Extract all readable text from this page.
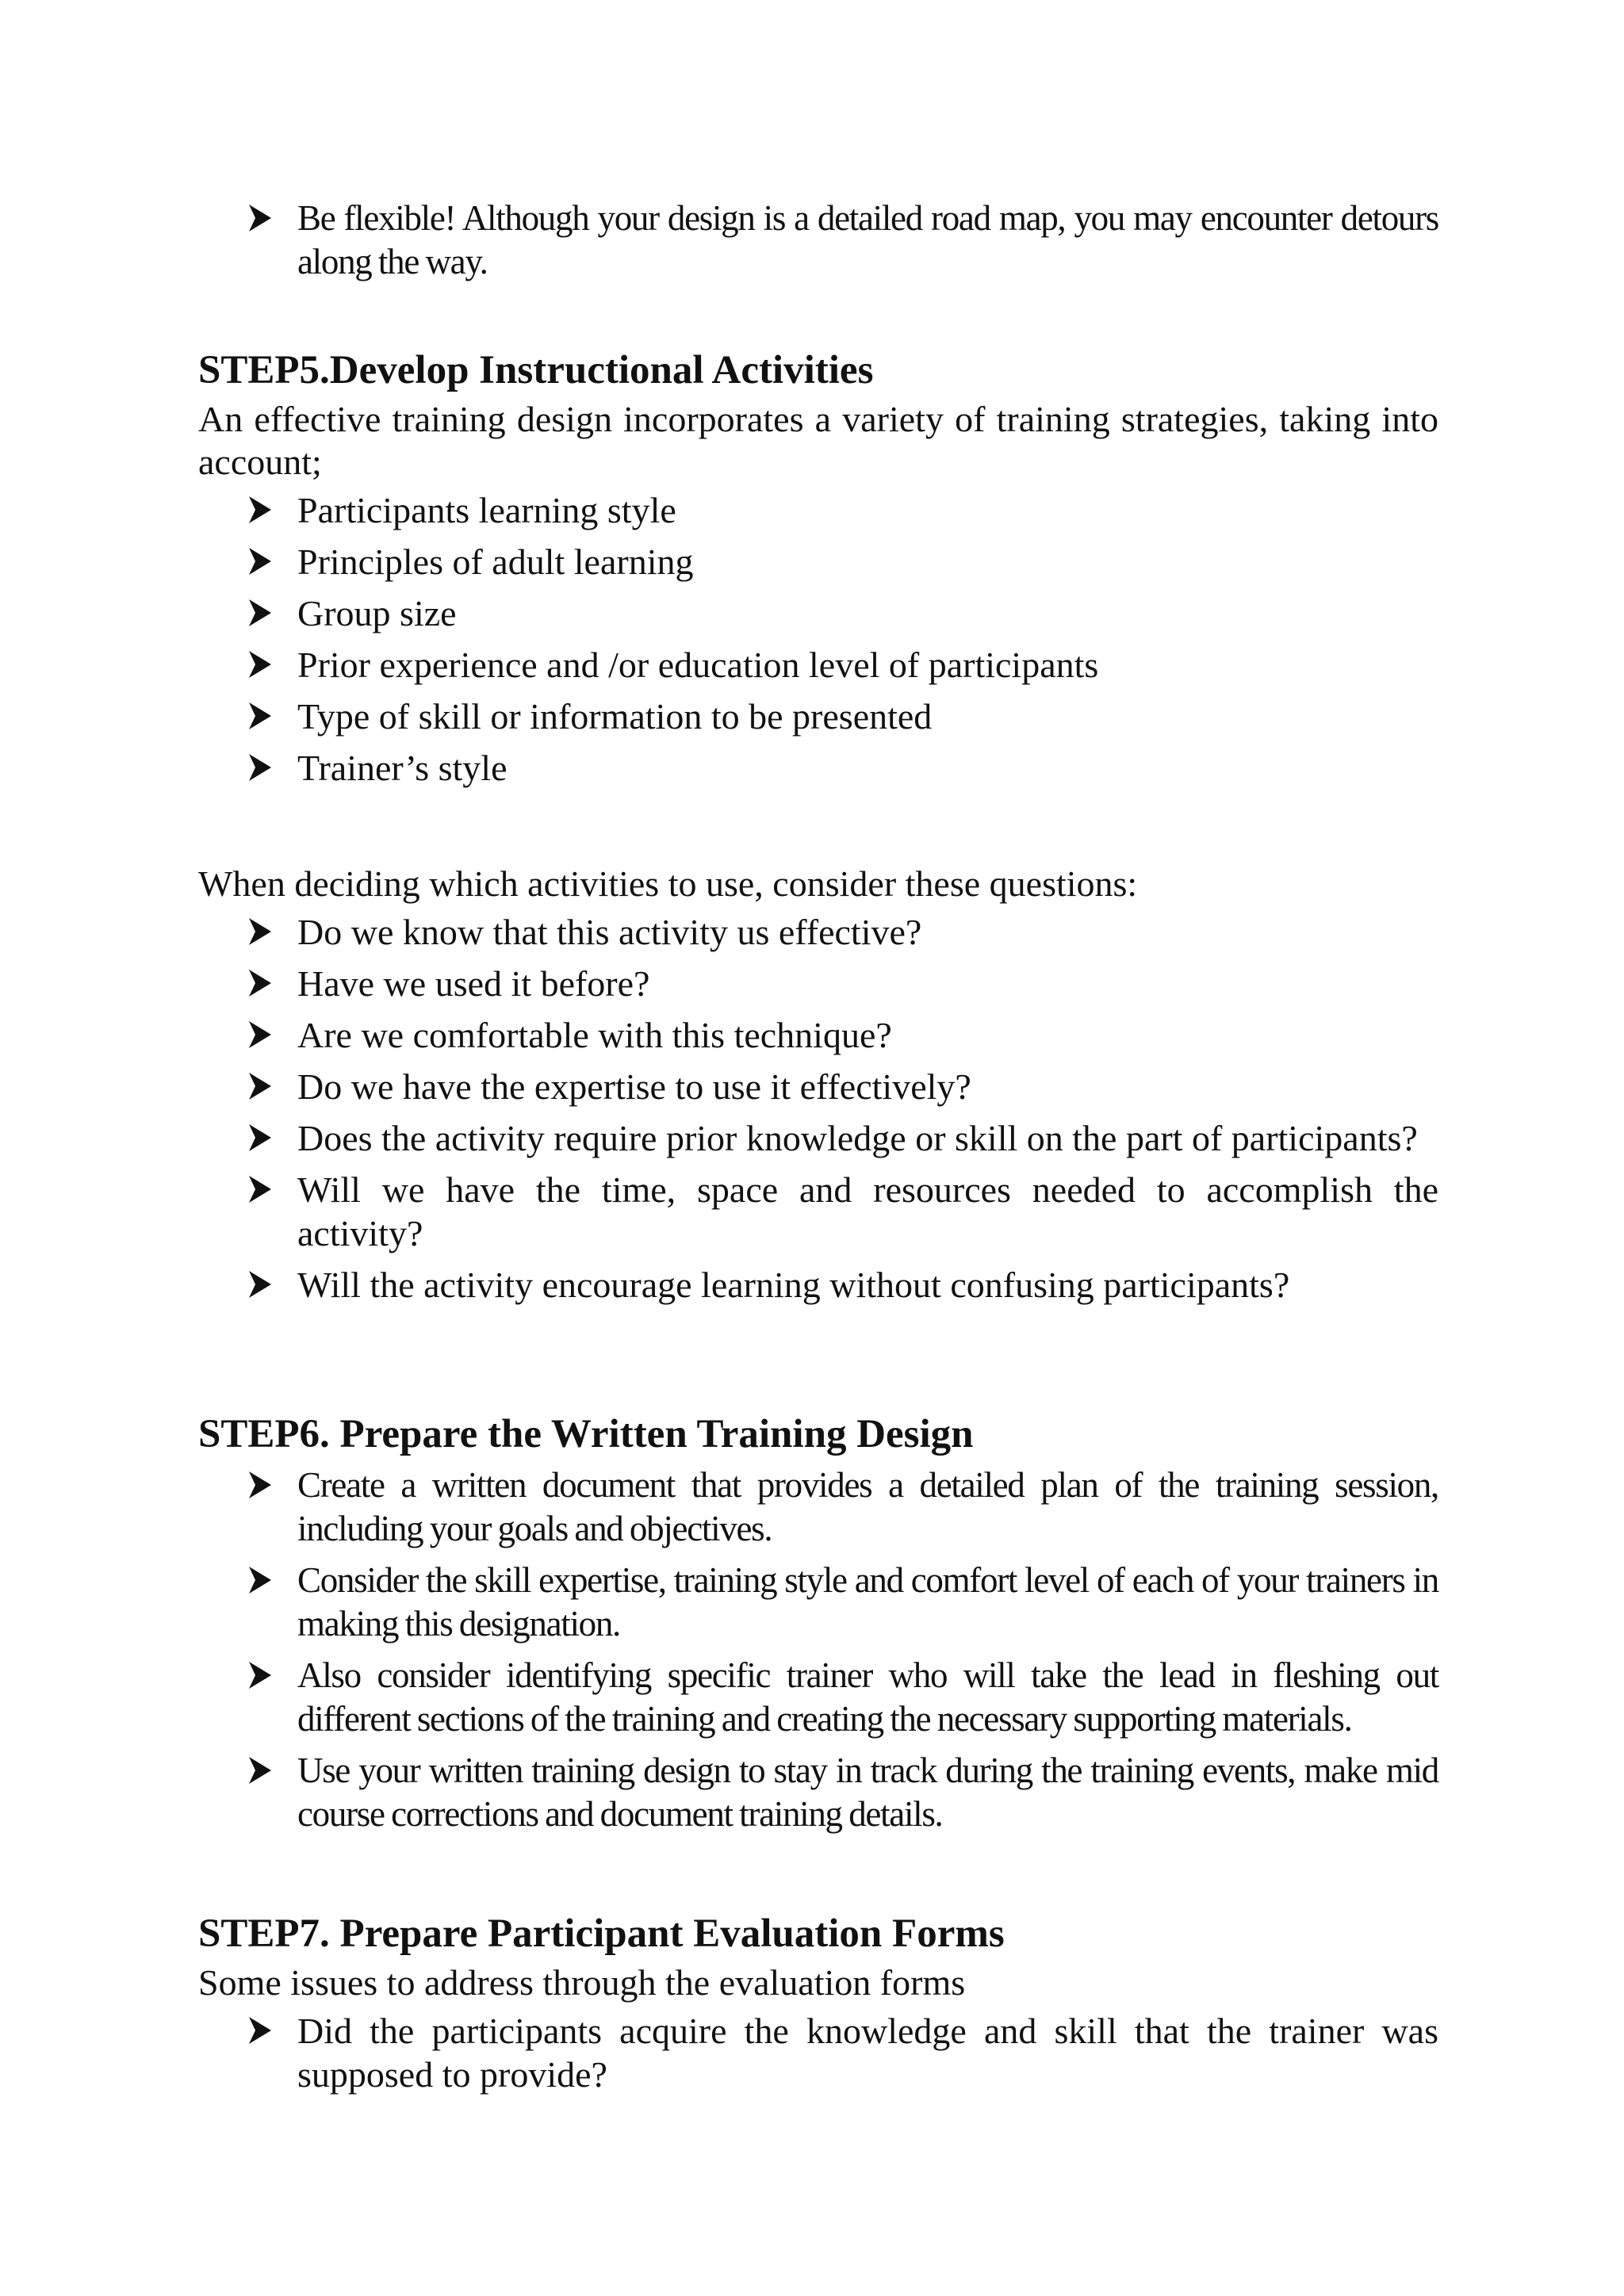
Be flexible! Although your design is a detailed road map, you may encounter detours along the way.
STEP5.Develop Instructional Activities

An effective training design incorporates a variety of training strategies, taking into account;

Participants learning style
Principles of adult learning
Group size
Prior experience and /or education level of participants
Type of skill or information to be presented
Trainer’s style

When deciding which activities to use, consider these questions:

Do we know that this activity us effective?
Have we used it before?
Are we comfortable with this technique?
Do we have the expertise to use it effectively?
Does the activity require prior knowledge or skill on the part of participants?
Will we have the time, space and resources needed to accomplish the activity?
Will the activity encourage learning without confusing participants?
STEP6. Prepare the Written Training Design
Create a written document that provides a detailed plan of the training session, including your goals and objectives.
Consider the skill expertise, training style and comfort level of each of your trainers in making this designation.
Also consider identifying specific trainer who will take the lead in fleshing out different sections of the training and creating the necessary supporting materials.
Use your written training design to stay in track during the training events, make mid course corrections and document training details.
STEP7. Prepare Participant Evaluation Forms

Some issues to address through the evaluation forms

Did the participants acquire the knowledge and skill that the trainer was supposed to provide?
